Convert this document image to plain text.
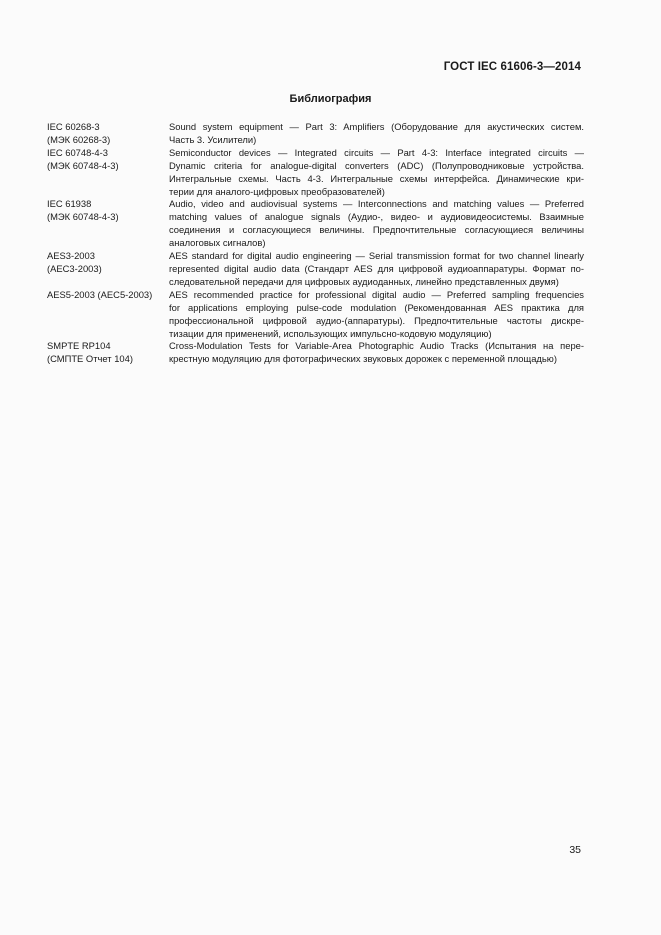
ГОСТ IEC 61606-3—2014
Библиография
IEC 60268-3
(МЭК 60268-3)
Sound system equipment — Part 3: Amplifiers (Оборудование для акустических систем.
Часть 3. Усилители)
IEC 60748-4-3
(МЭК 60748-4-3)
Semiconductor devices — Integrated circuits — Part 4-3: Interface integrated circuits —
Dynamic criteria for analogue-digital converters (ADC) (Полупроводниковые устройства.
Интегральные схемы. Часть 4-3. Интегральные схемы интерфейса. Динамические кри-
терии для аналого-цифровых преобразователей)
IEC 61938
(МЭК 60748-4-3)
Audio, video and audiovisual systems — Interconnections and matching values — Preferred
matching values of analogue signals (Аудио-, видео- и аудиовидеосистемы. Взаимные
соединения и согласующиеся величины. Предпочтительные согласующиеся величины
аналоговых сигналов)
AES3-2003
(АЕС3-2003)
AES standard for digital audio engineering — Serial transmission format for two channel linearly
represented digital audio data (Стандарт AES для цифровой аудиоаппаратуры. Формат по-
следовательной передачи для цифровых аудиоданных, линейно представленных двумя)
AES5-2003 (АЕС5-2003)	AES recommended practice for professional digital audio — Preferred sampling frequencies
for applications employing pulse-code modulation (Рекомендованная AES практика для
профессиональной цифровой аудио-(аппаратуры). Предпочтительные частоты дискре-
тизации для применений, использующих импульсно-кодовую модуляцию)
SMPTE RP104
(СМПТЕ Отчет 104)
Cross-Modulation Tests for Variable-Area Photographic Audio Tracks (Испытания на пере-
крестную модуляцию для фотографических звуковых дорожек с переменной площадью)
35
